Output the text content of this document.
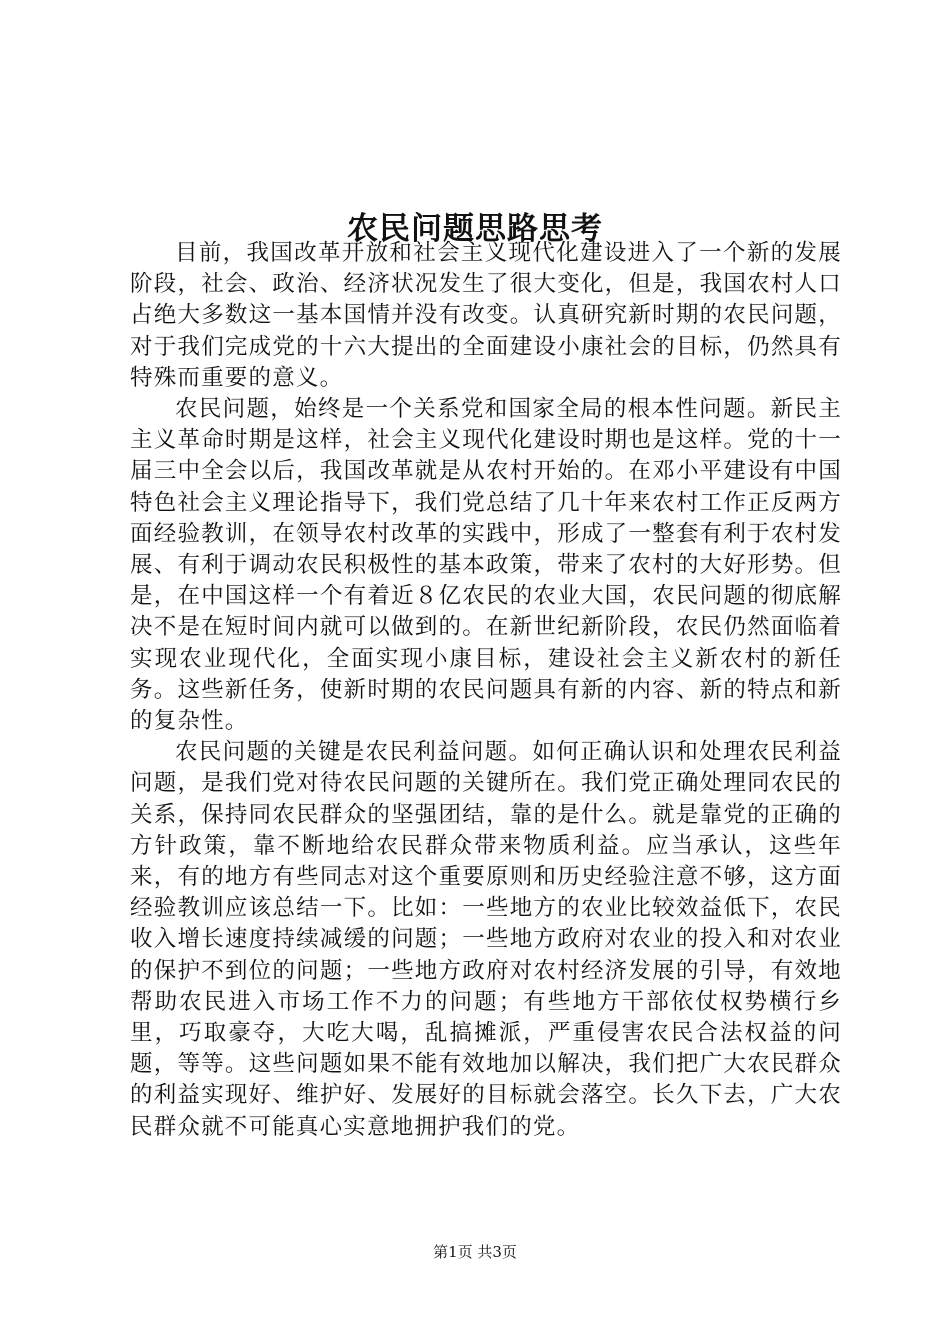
农民问题思路思考

目前，我国改革开放和社会主义现代化建设进入了一个新的发展阶段，社会、政治、经济状况发生了很大变化，但是，我国农村人口占绝大多数这一基本国情并没有改变。认真研究新时期的农民问题，对于我们完成党的十六大提出的全面建设小康社会的目标，仍然具有特殊而重要的意义。

农民问题，始终是一个关系党和国家全局的根本性问题。新民主主义革命时期是这样，社会主义现代化建设时期也是这样。党的十一届三中全会以后，我国改革就是从农村开始的。在邓小平建设有中国特色社会主义理论指导下，我们党总结了几十年来农村工作正反两方面经验教训，在领导农村改革的实践中，形成了一整套有利于农村发展、有利于调动农民积极性的基本政策，带来了农村的大好形势。但是，在中国这样一个有着近８亿农民的农业大国，农民问题的彻底解决不是在短时间内就可以做到的。在新世纪新阶段，农民仍然面临着实现农业现代化，全面实现小康目标，建设社会主义新农村的新任务。这些新任务，使新时期的农民问题具有新的内容、新的特点和新的复杂性。

农民问题的关键是农民利益问题。如何正确认识和处理农民利益问题，是我们党对待农民问题的关键所在。我们党正确处理同农民的关系，保持同农民群众的坚强团结，靠的是什么。就是靠党的正确的方针政策，靠不断地给农民群众带来物质利益。应当承认，这些年来，有的地方有些同志对这个重要原则和历史经验注意不够，这方面经验教训应该总结一下。比如：一些地方的农业比较效益低下，农民收入增长速度持续减缓的问题；一些地方政府对农业的投入和对农业的保护不到位的问题；一些地方政府对农村经济发展的引导，有效地帮助农民进入市场工作不力的问题；有些地方干部依仗权势横行乡里，巧取豪夺，大吃大喝，乱搞摊派，严重侵害农民合法权益的问题，等等。这些问题如果不能有效地加以解决，我们把广大农民群众的利益实现好、维护好、发展好的目标就会落空。长久下去，广大农民群众就不可能真心实意地拥护我们的党。

第1页 共3页
